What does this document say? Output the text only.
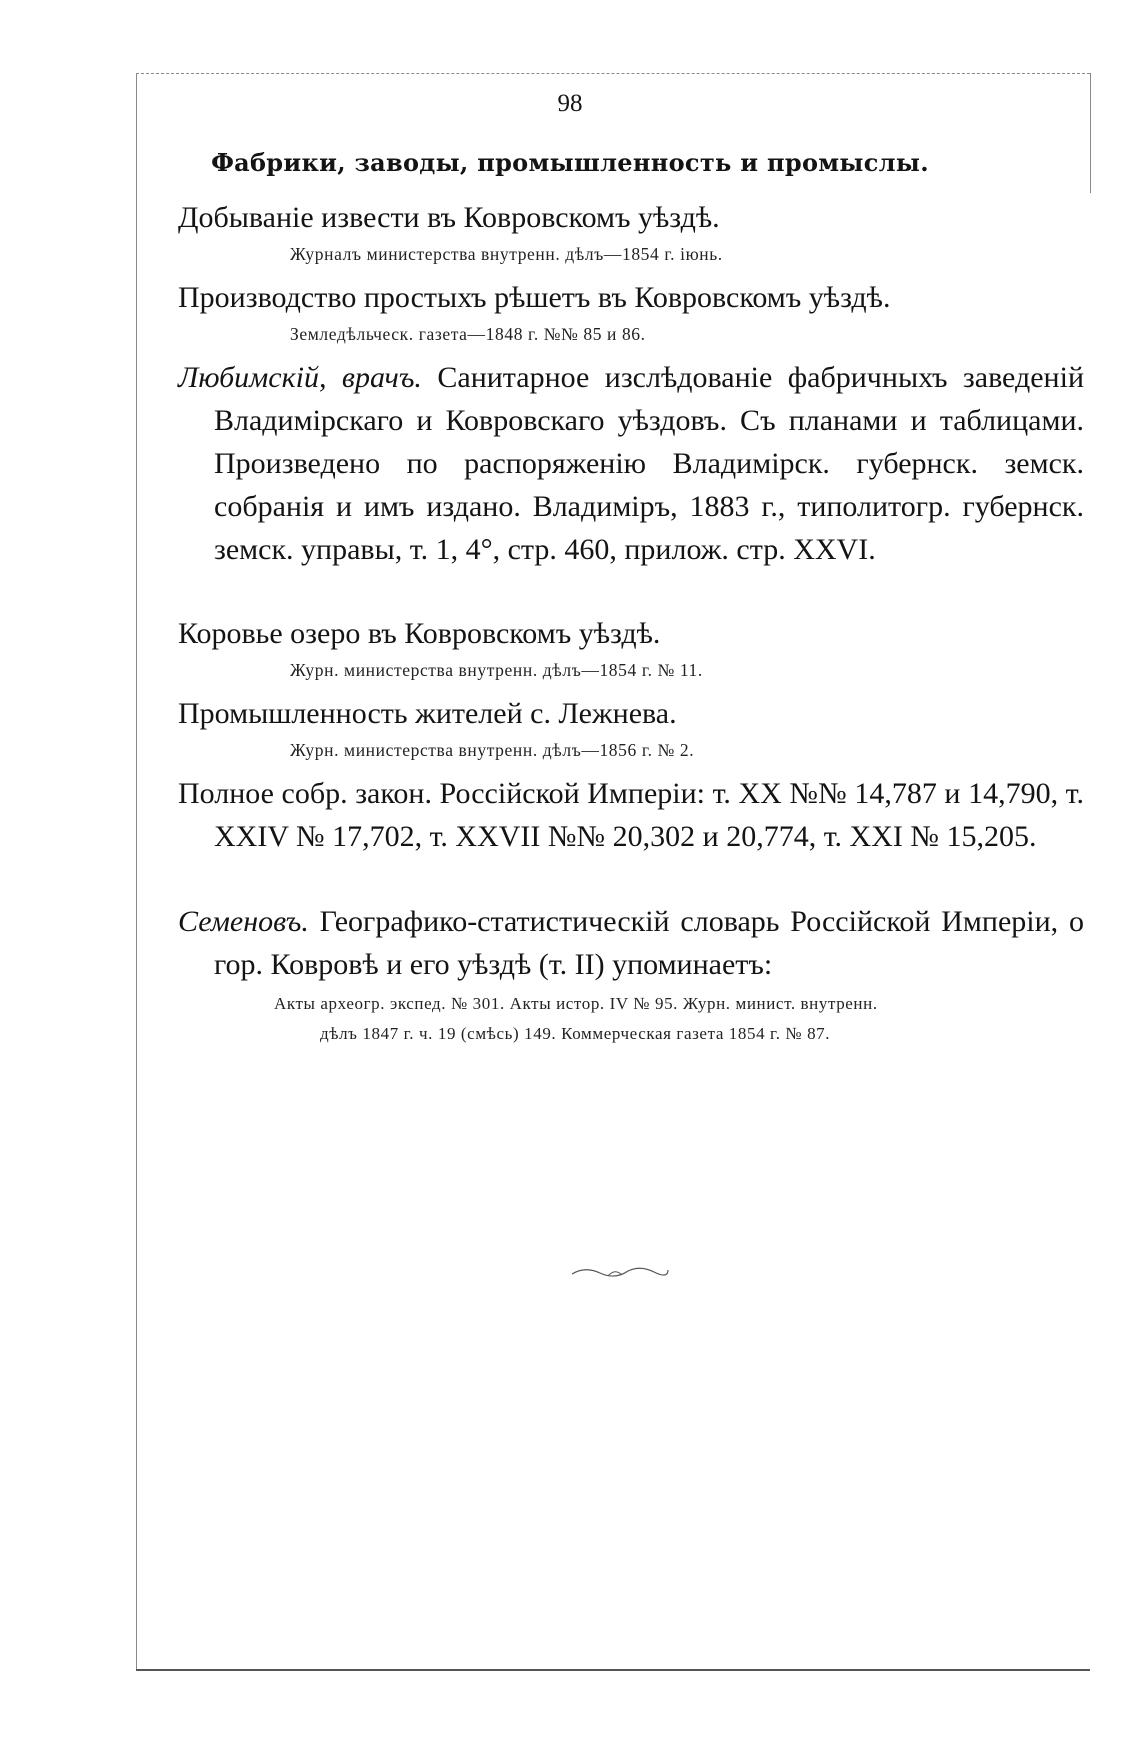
98
Фабрики, заводы, промышленность и промыслы.
Добываніе извести въ Ковровскомъ уѣздѣ.
Журналъ министерства внутренн. дѣлъ—1854 г. іюнь.
Производство простыхъ рѣшетъ въ Ковровскомъ уѣздѣ.
Земледѣльческ. газета—1848 г. №№ 85 и 86.
Любимскій, врачъ. Санитарное изслѣдованіе фабричныхъ заведеній Владимірскаго и Ковровскаго уѣздовъ. Съ планами и таблицами. Произведено по распоряженію Владимірск. губернск. земск. собранія и имъ издано. Владиміръ, 1883 г., типолитогр. губернск. земск. управы, т. 1, 4°, стр. 460, прилож. стр. XXVI.
Коровье озеро въ Ковровскомъ уѣздѣ.
Журн. министерства внутренн. дѣлъ—1854 г. № 11.
Промышленность жителей с. Лежнева.
Журн. министерства внутренн. дѣлъ—1856 г. № 2.
Полное собр. закон. Россійской Имперіи: т. XX №№ 14,787 и 14,790, т. XXIV № 17,702, т. XXVII №№ 20,302 и 20,774, т. XXI № 15,205.
Семеновъ. Географико-статистическій словарь Россійской Имперіи, о гор. Ковровѣ и его уѣздѣ (т. II) упоминаетъ:
Акты археогр. экспед. № 301. Акты истор. IV № 95. Журн. минист. внутренн.
дѣлъ 1847 г. ч. 19 (смѣсь) 149. Коммерческая газета 1854 г. № 87.
